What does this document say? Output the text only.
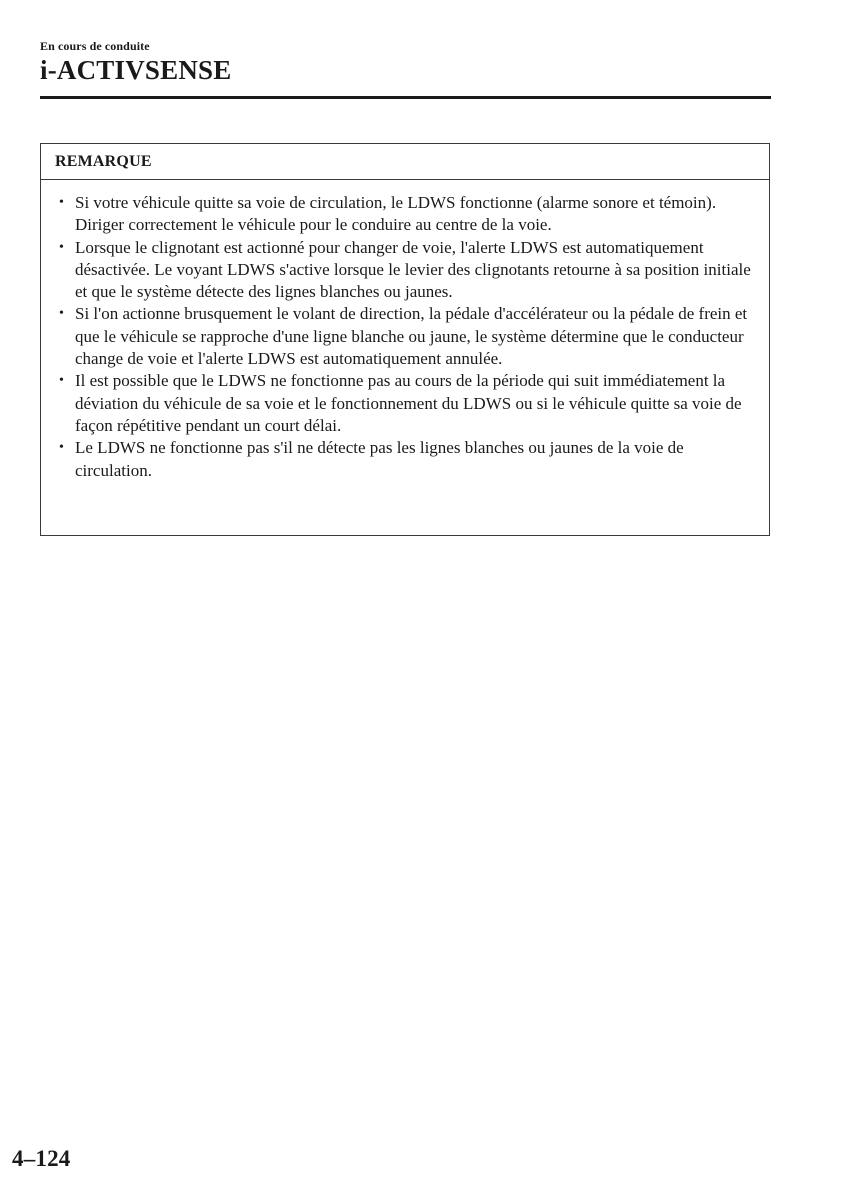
En cours de conduite
i-ACTIVSENSE
REMARQUE
• Si votre véhicule quitte sa voie de circulation, le LDWS fonctionne (alarme sonore et témoin). Diriger correctement le véhicule pour le conduire au centre de la voie.
• Lorsque le clignotant est actionné pour changer de voie, l'alerte LDWS est automatiquement désactivée. Le voyant LDWS s'active lorsque le levier des clignotants retourne à sa position initiale et que le système détecte des lignes blanches ou jaunes.
• Si l'on actionne brusquement le volant de direction, la pédale d'accélérateur ou la pédale de frein et que le véhicule se rapproche d'une ligne blanche ou jaune, le système détermine que le conducteur change de voie et l'alerte LDWS est automatiquement annulée.
• Il est possible que le LDWS ne fonctionne pas au cours de la période qui suit immédiatement la déviation du véhicule de sa voie et le fonctionnement du LDWS ou si le véhicule quitte sa voie de façon répétitive pendant un court délai.
• Le LDWS ne fonctionne pas s'il ne détecte pas les lignes blanches ou jaunes de la voie de circulation.
4–124
